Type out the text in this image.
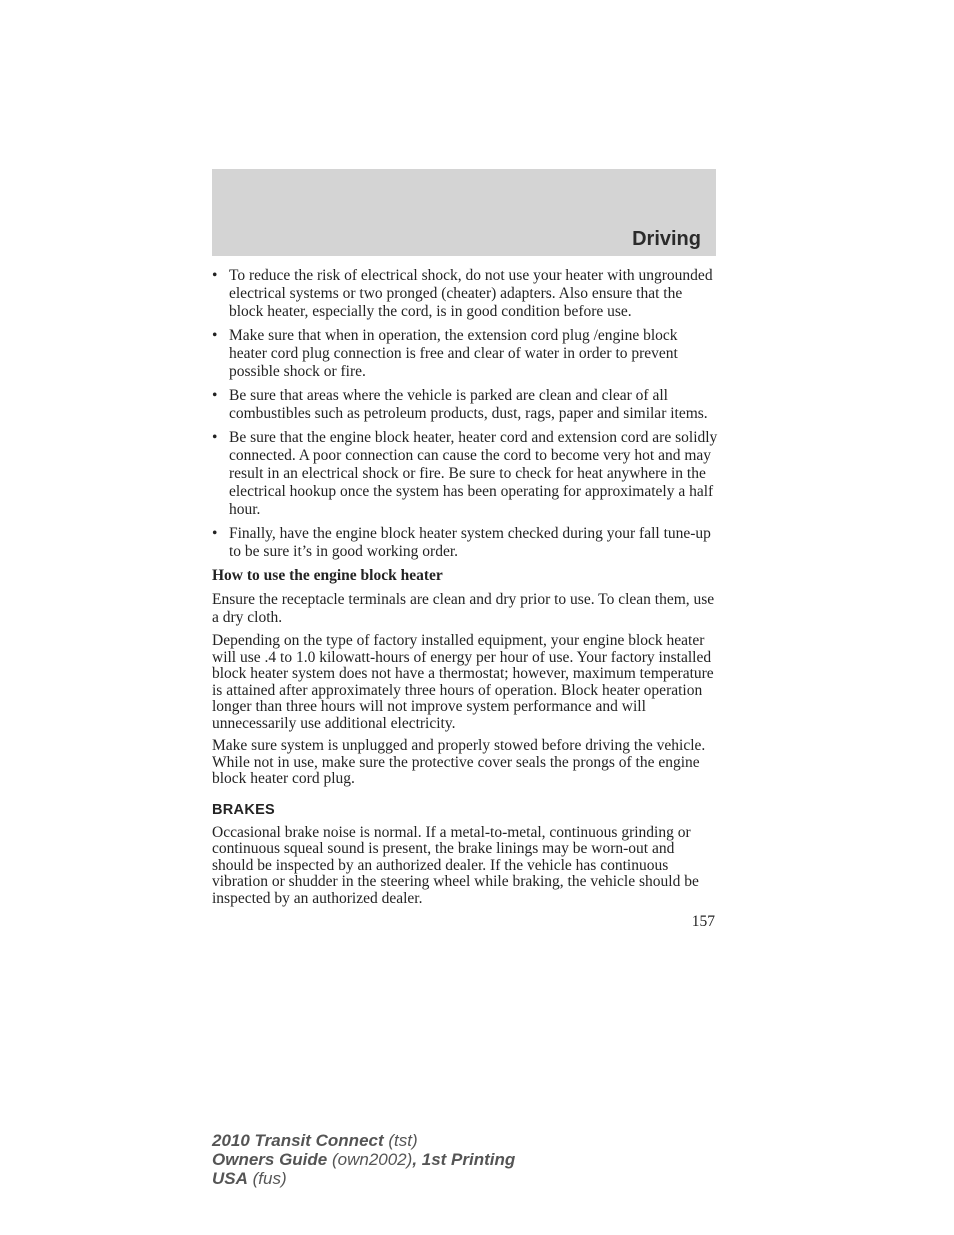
Driving
• To reduce the risk of electrical shock, do not use your heater with ungrounded electrical systems or two pronged (cheater) adapters. Also ensure that the block heater, especially the cord, is in good condition before use.
• Make sure that when in operation, the extension cord plug /engine block heater cord plug connection is free and clear of water in order to prevent possible shock or fire.
• Be sure that areas where the vehicle is parked are clean and clear of all combustibles such as petroleum products, dust, rags, paper and similar items.
• Be sure that the engine block heater, heater cord and extension cord are solidly connected. A poor connection can cause the cord to become very hot and may result in an electrical shock or fire. Be sure to check for heat anywhere in the electrical hookup once the system has been operating for approximately a half hour.
• Finally, have the engine block heater system checked during your fall tune-up to be sure it’s in good working order.

How to use the engine block heater

Ensure the receptacle terminals are clean and dry prior to use. To clean them, use a dry cloth.

Depending on the type of factory installed equipment, your engine block heater will use .4 to 1.0 kilowatt-hours of energy per hour of use. Your factory installed block heater system does not have a thermostat; however, maximum temperature is attained after approximately three hours of operation. Block heater operation longer than three hours will not improve system performance and will unnecessarily use additional electricity.

Make sure system is unplugged and properly stowed before driving the vehicle. While not in use, make sure the protective cover seals the prongs of the engine block heater cord plug.

BRAKES

Occasional brake noise is normal. If a metal-to-metal, continuous grinding or continuous squeal sound is present, the brake linings may be worn-out and should be inspected by an authorized dealer. If the vehicle has continuous vibration or shudder in the steering wheel while braking, the vehicle should be inspected by an authorized dealer.

157
2010 Transit Connect (tst)
Owners Guide (own2002), 1st Printing
USA (fus)
